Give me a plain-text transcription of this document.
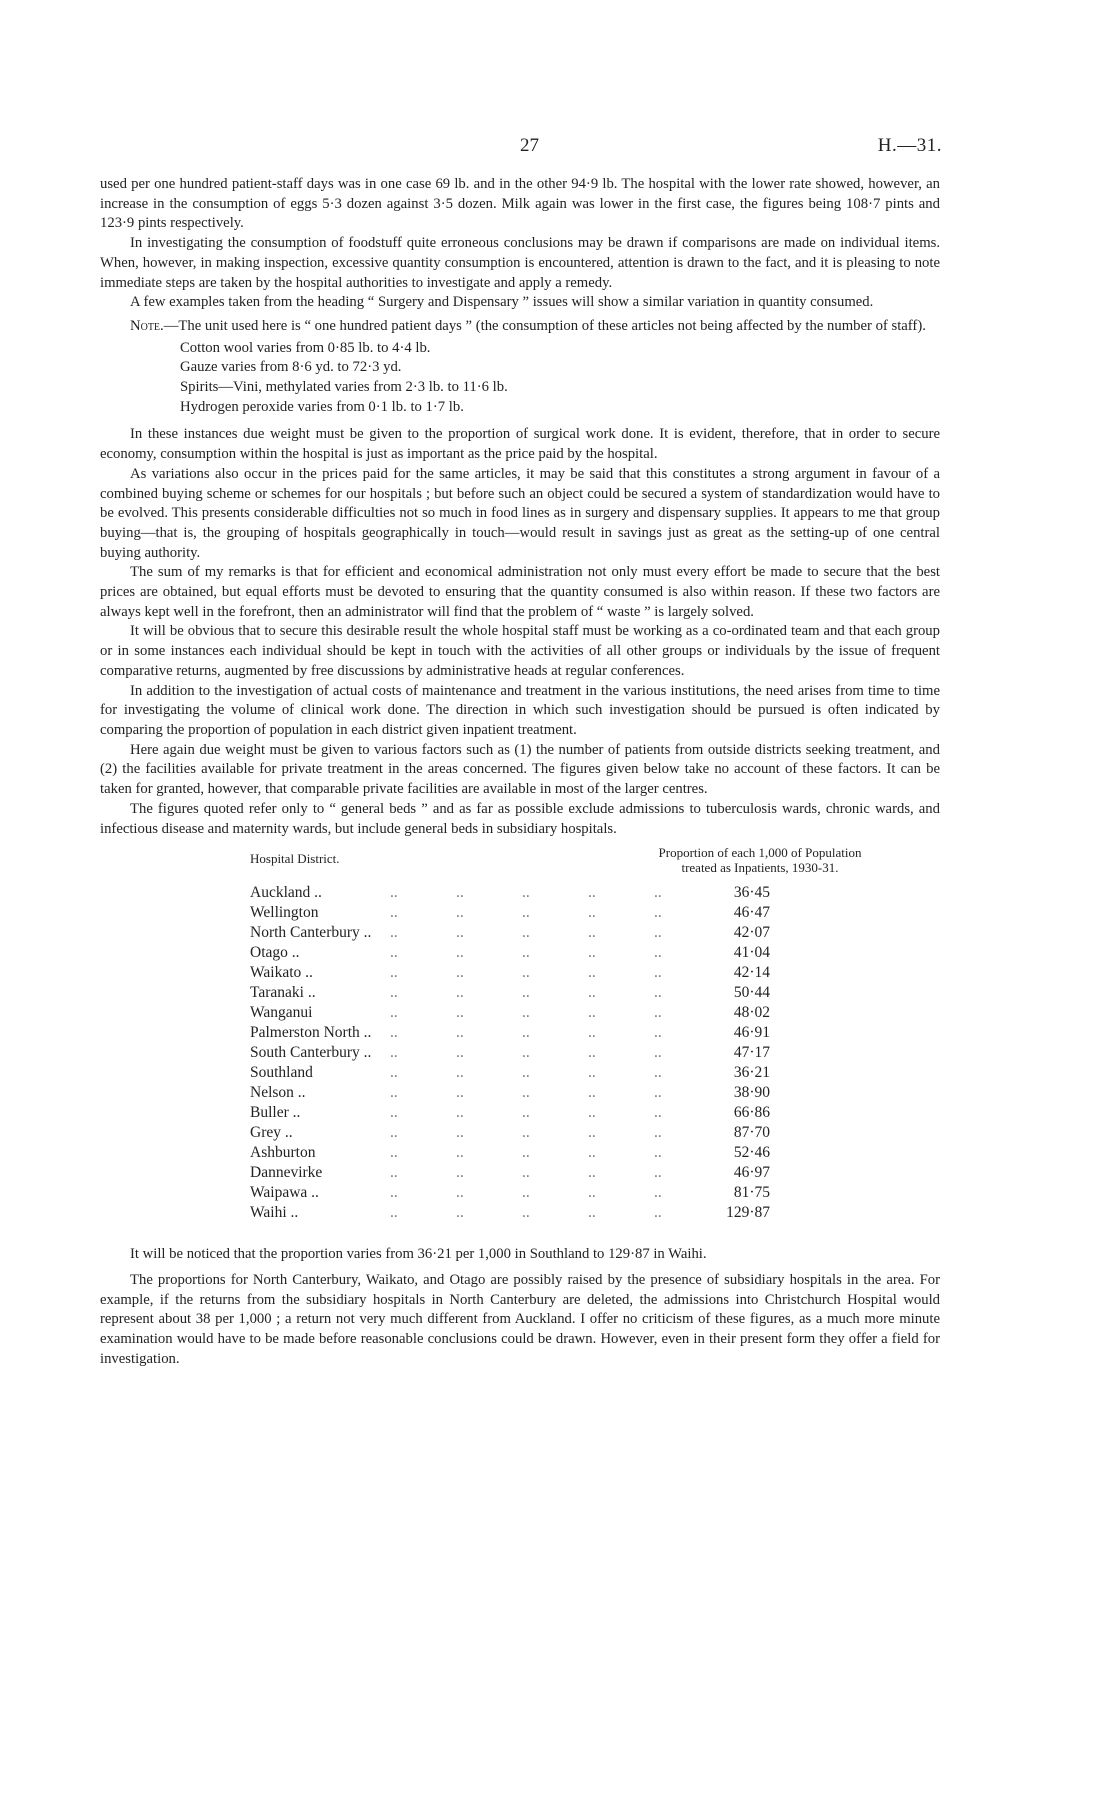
27	H.—31.

used per one hundred patient-staff days was in one case 69 lb. and in the other 94·9 lb. The hospital with the lower rate showed, however, an increase in the consumption of eggs 5·3 dozen against 3·5 dozen. Milk again was lower in the first case, the figures being 108·7 pints and 123·9 pints respectively.

In investigating the consumption of foodstuff quite erroneous conclusions may be drawn if comparisons are made on individual items. When, however, in making inspection, excessive quantity consumption is encountered, attention is drawn to the fact, and it is pleasing to note immediate steps are taken by the hospital authorities to investigate and apply a remedy.

A few examples taken from the heading “ Surgery and Dispensary ” issues will show a similar variation in quantity consumed.

Note.—The unit used here is “ one hundred patient days ” (the consumption of these articles not being affected by the number of staff).

Cotton wool varies from 0·85 lb. to 4·4 lb.
Gauze varies from 8·6 yd. to 72·3 yd.
Spirits—Vini, methylated varies from 2·3 lb. to 11·6 lb.
Hydrogen peroxide varies from 0·1 lb. to 1·7 lb.

In these instances due weight must be given to the proportion of surgical work done. It is evident, therefore, that in order to secure economy, consumption within the hospital is just as important as the price paid by the hospital.

As variations also occur in the prices paid for the same articles, it may be said that this constitutes a strong argument in favour of a combined buying scheme or schemes for our hospitals ; but before such an object could be secured a system of standardization would have to be evolved. This presents considerable difficulties not so much in food lines as in surgery and dispensary supplies. It appears to me that group buying—that is, the grouping of hospitals geographically in touch—would result in savings just as great as the setting-up of one central buying authority.

The sum of my remarks is that for efficient and economical administration not only must every effort be made to secure that the best prices are obtained, but equal efforts must be devoted to ensuring that the quantity consumed is also within reason. If these two factors are always kept well in the forefront, then an administrator will find that the problem of “ waste ” is largely solved.

It will be obvious that to secure this desirable result the whole hospital staff must be working as a co-ordinated team and that each group or in some instances each individual should be kept in touch with the activities of all other groups or individuals by the issue of frequent comparative returns, augmented by free discussions by administrative heads at regular conferences.

In addition to the investigation of actual costs of maintenance and treatment in the various institutions, the need arises from time to time for investigating the volume of clinical work done. The direction in which such investigation should be pursued is often indicated by comparing the proportion of population in each district given inpatient treatment.

Here again due weight must be given to various factors such as (1) the number of patients from outside districts seeking treatment, and (2) the facilities available for private treatment in the areas concerned. The figures given below take no account of these factors. It can be taken for granted, however, that comparable private facilities are available in most of the larger centres.

The figures quoted refer only to “ general beds ” and as far as possible exclude admissions to tuberculosis wards, chronic wards, and infectious disease and maternity wards, but include general beds in subsidiary hospitals.

Hospital District.	Proportion of each 1,000 of Population
treated as Inpatients, 1930-31.
Auckland ..	..	..	..	..	..	36·45
Wellington	..	..	..	..	..	46·47
North Canterbury .. ..	..	..	..	..	42·07
Otago ..	..	..	..	..	..	41·04
Waikato ..	..	..	..	..	..	42·14
Taranaki ..	..	..	..	..	..	50·44
Wanganui	..	..	..	..	..	48·02
Palmerston North .. ..	..	..	..	..	46·91
South Canterbury .. ..	..	..	..	..	47·17
Southland	..	..	..	..	..	36·21
Nelson ..	..	..	..	..	..	38·90
Buller ..	..	..	..	..	..	66·86
Grey ..	..	..	..	..	..	87·70
Ashburton	..	..	..	..	..	52·46
Dannevirke	..	..	..	..	..	46·97
Waipawa ..	..	..	..	..	..	81·75
Waihi ..	..	..	..	..	..	129·87

It will be noticed that the proportion varies from 36·21 per 1,000 in Southland to 129·87 in Waihi.

The proportions for North Canterbury, Waikato, and Otago are possibly raised by the presence of subsidiary hospitals in the area. For example, if the returns from the subsidiary hospitals in North Canterbury are deleted, the admissions into Christchurch Hospital would represent about 38 per 1,000 ; a return not very much different from Auckland. I offer no criticism of these figures, as a much more minute examination would have to be made before reasonable conclusions could be drawn. However, even in their present form they offer a field for investigation.
